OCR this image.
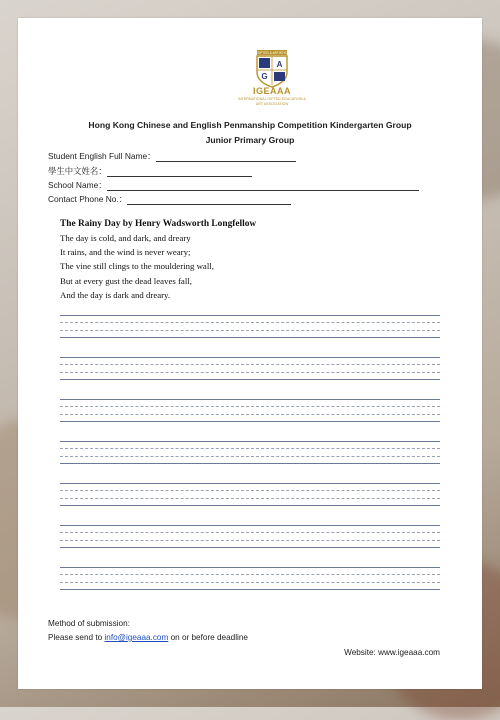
GIFTED & ARTISTIC
A
G
IGEAAA
INTERNATIONAL GIFTED EDUCATION &
ART ASSOCIATION
Hong Kong Chinese and English Penmanship Competition Kindergarten Group
Junior Primary Group
Student English Full Name：
學生中文姓名：
School Name：
Contact Phone No.：
The Rainy Day by Henry Wadsworth Longfellow
The day is cold, and dark, and dreary
It rains, and the wind is never weary;
The vine still clings to the mouldering wall,
But at every gust the dead leaves fall,
And the day is dark and dreary.
Method of submission:
Please send to info@igeaaa.com on or before deadline
Website: www.igeaaa.com
